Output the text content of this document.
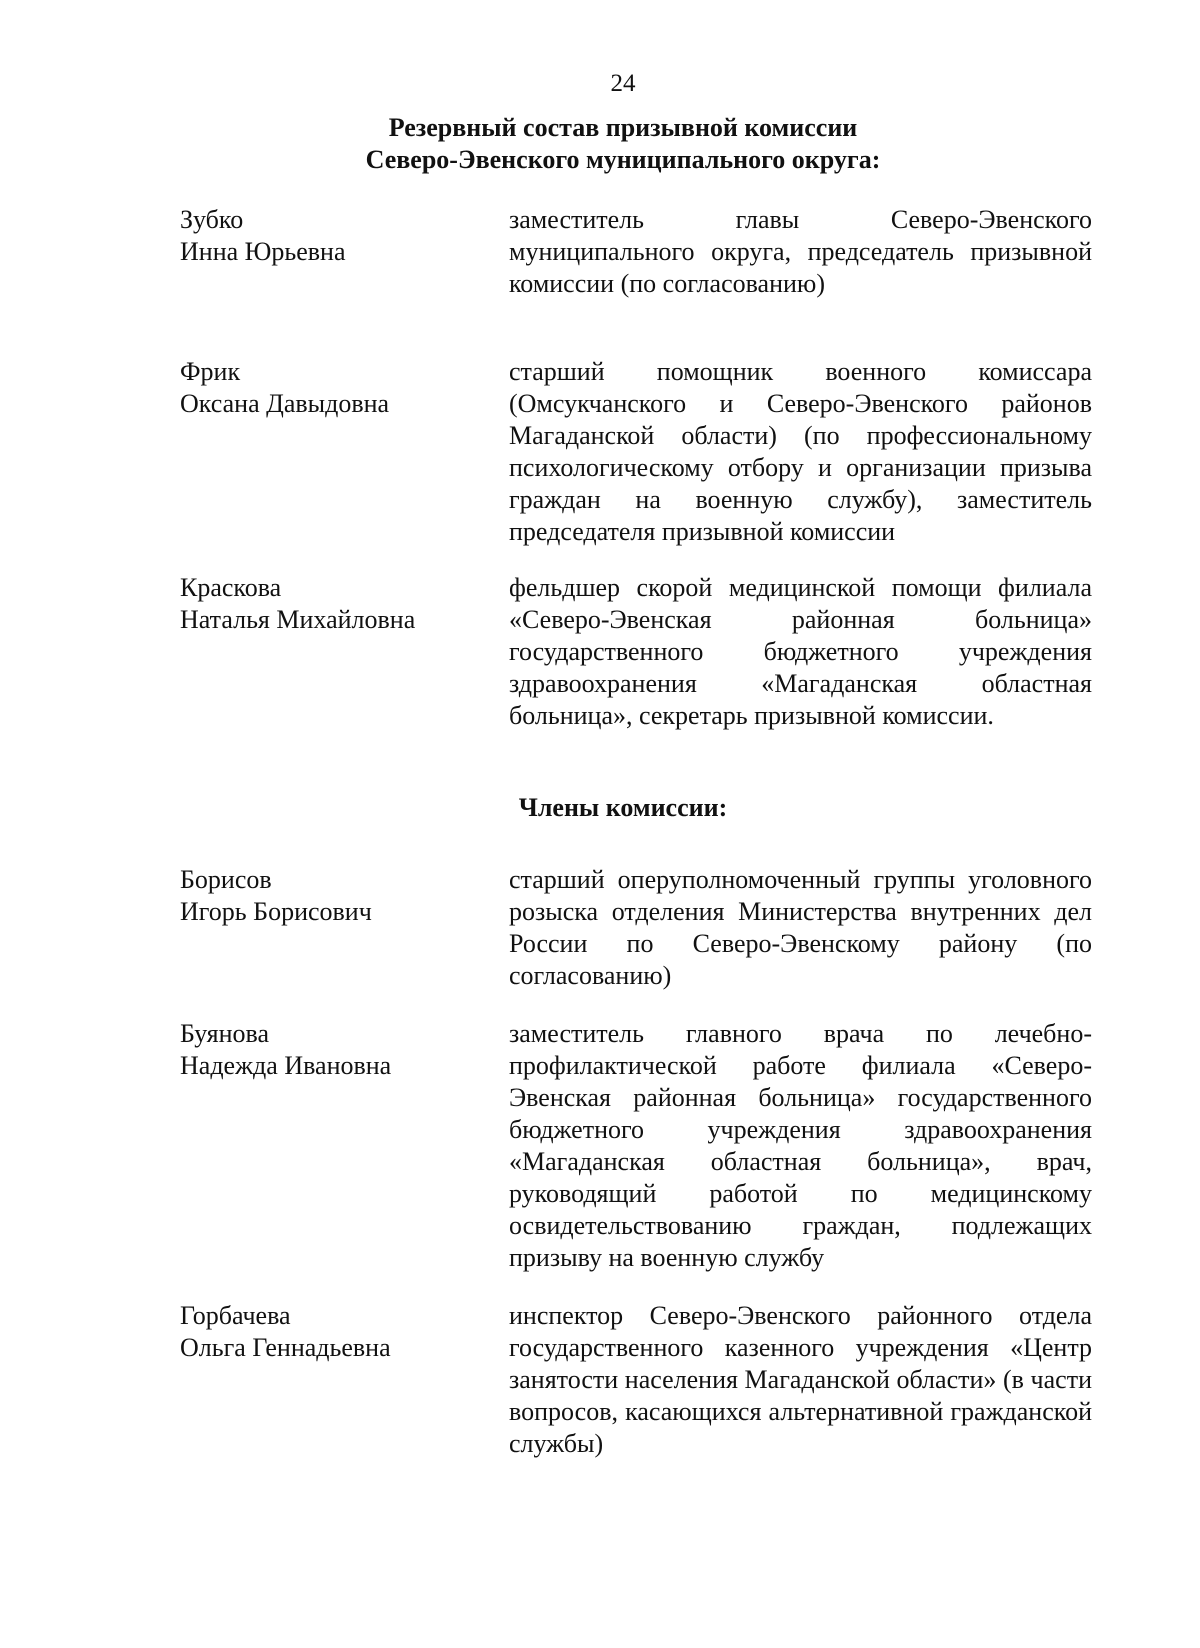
24
Резервный состав призывной комиссии
Северо-Эвенского муниципального округа:
Зубко
Инна Юрьевна
заместитель главы Северо-Эвенского муниципального округа, председатель призывной комиссии (по согласованию)
Фрик
Оксана Давыдовна
старший помощник военного комиссара (Омсукчанского и Северо-Эвенского районов Магаданской области) (по профессиональному психологическому отбору и организации призыва граждан на военную службу), заместитель председателя призывной комиссии
Краскова
Наталья Михайловна
фельдшер скорой медицинской помощи филиала «Северо-Эвенская районная больница» государственного бюджетного учреждения здравоохранения «Магаданская областная больница», секретарь призывной комиссии.
Члены комиссии:
Борисов
Игорь Борисович
старший оперуполномоченный группы уголовного розыска отделения Министерства внутренних дел России по Северо-Эвенскому району (по согласованию)
Буянова
Надежда Ивановна
заместитель главного врача по лечебно-профилактической работе филиала «Северо-Эвенская районная больница» государственного бюджетного учреждения здравоохранения «Магаданская областная больница», врач, руководящий работой по медицинскому освидетельствованию граждан, подлежащих призыву на военную службу
Горбачева
Ольга Геннадьевна
инспектор Северо-Эвенского районного отдела государственного казенного учреждения «Центр занятости населения Магаданской области» (в части вопросов, касающихся альтернативной гражданской службы)
